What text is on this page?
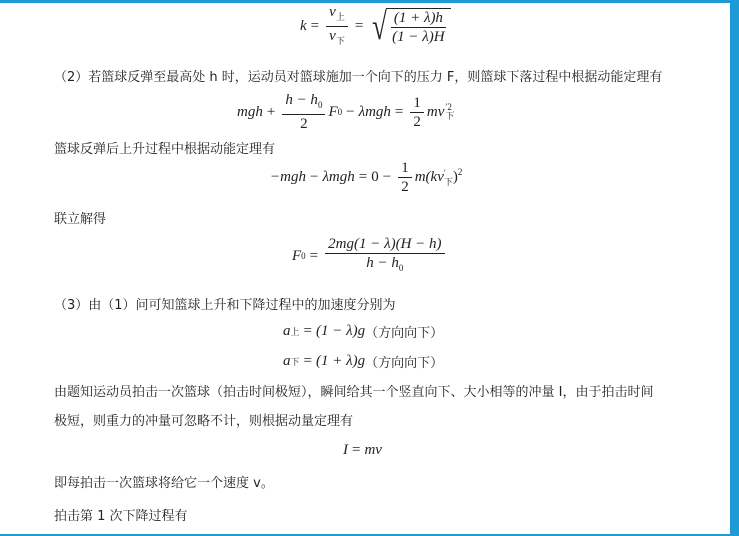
$k = \frac{v_上}{v_下}$ = √ $\frac{(1 + \lambda)h}{(1 - \lambda)H}$
（2）若篮球反弹至最高处 h 时，运动员对篮球施加一个向下的压力 F，则篮球下落过程中根据动能定理有
mgh + $\frac{h - h_0}{2}$ F $0 - \lambda mgh = \frac{1}{2}$ mv ′2
下
篮球反弹后上升过程中根据动能定理有
$-mgh - \lambda mgh = 0 - \frac{1}{2} m(kv$ ′
下 )$^2$
联立解得
F $0 = \frac{2mg(1 - \lambda)(H - h)}{h - h_0}$
（3）由（1）问可知篮球上升和下降过程中的加速度分别为
a 上 = (1 − λ)g （方向向下）
a 下 = (1 + λ)g （方向向下）
由题知运动员拍击一次篮球（拍击时间极短），瞬间给其一个竖直向下、大小相等的冲量 I，由于拍击时间
极短，则重力的冲量可忽略不计，则根据动量定理有
I = mv
即每拍击一次篮球将给它一个速度 v。
拍击第 1 次下降过程有
